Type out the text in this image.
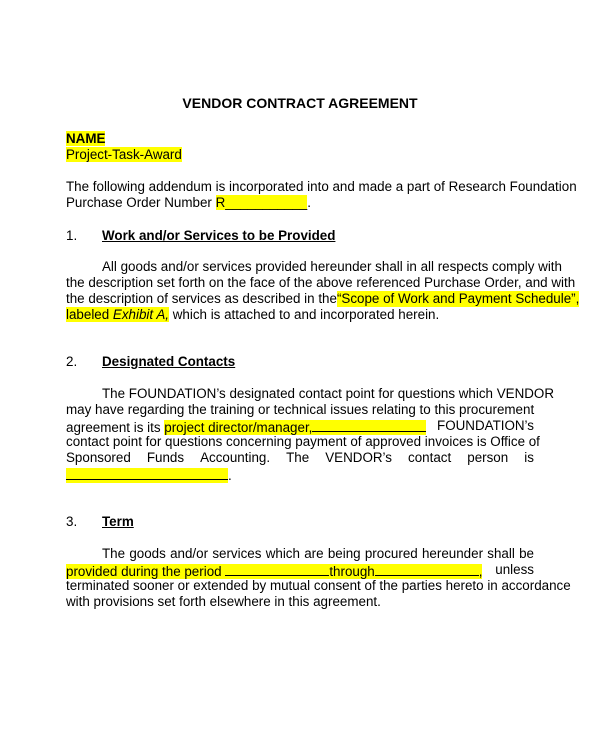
VENDOR CONTRACT AGREEMENT
NAME
Project-Task-Award
The following addendum is incorporated into and made a part of Research Foundation
Purchase Order Number R___________.
1. Work and/or Services to be Provided
All goods and/or services provided hereunder shall in all respects comply with
the description set forth on the face of the above referenced Purchase Order, and with
the description of services as described in the “Scope of Work and Payment Schedule”,
labeled Exhibit A, which is attached to and incorporated herein.
2. Designated Contacts
The FOUNDATION’s designated contact point for questions which VENDOR
may have regarding the training or technical issues relating to this procurement
agreement is its project director/manager,	FOUNDATION’s
contact point for questions concerning payment of approved invoices is Office of
Sponsored Funds Accounting. The VENDOR’s contact person is
.
3. Term
The goods and/or services which are being procured hereunder shall be
provided during the period	through	, unless
terminated sooner or extended by mutual consent of the parties hereto in accordance
with provisions set forth elsewhere in this agreement.
